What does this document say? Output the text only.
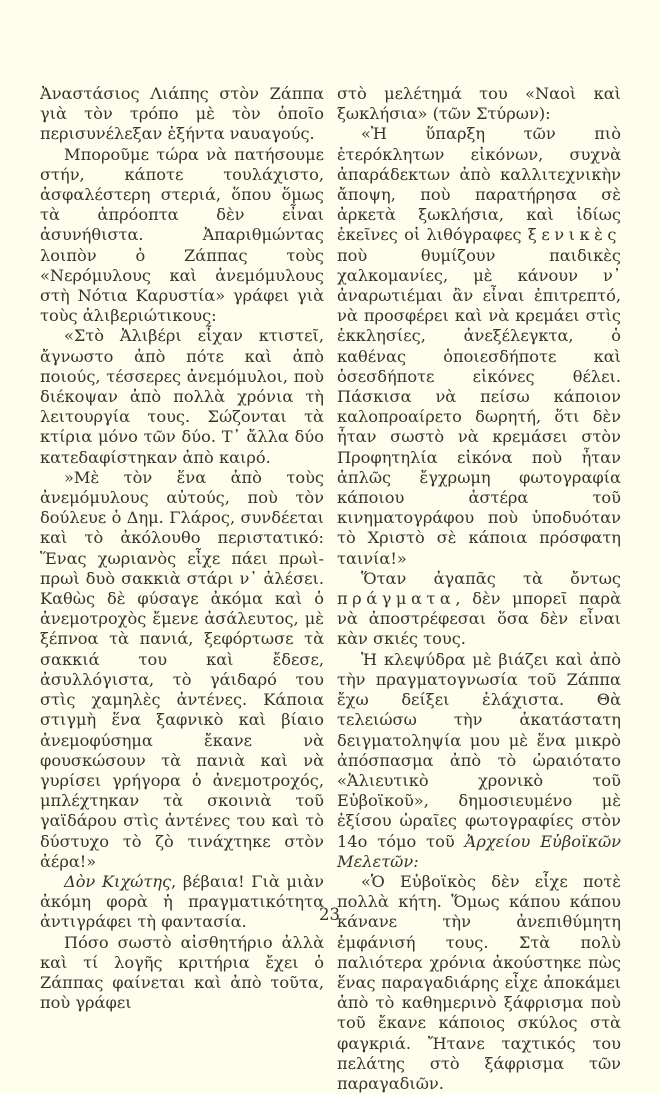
Ἀναστάσιος Λιάπης στὸν Ζάππα γιὰ τὸν τρόπο μὲ τὸν ὁποῖο περισυνέλεξαν ἑξήντα ναυαγούς.

Μποροῦμε τώρα νὰ πατήσουμε στήν, κάποτε τουλάχιστο, ἀσφαλέστερη στεριά, ὅπου ὅμως τὰ ἀπρόοπτα δὲν εἶναι ἀσυνήθιστα. Ἀπαριθμώντας λοιπὸν ὁ Ζάππας τοὺς «Νερόμυλους καὶ ἀνεμόμυλους στὴ Νότια Καρυστία» γράφει γιὰ τοὺς ἀλιβεριώτικους:

«Στὸ Ἀλιβέρι εἶχαν κτιστεῖ, ἄγνωστο ἀπὸ πότε καὶ ἀπὸ ποιούς, τέσσερες ἀνεμόμυλοι, ποὺ διέκοψαν ἀπὸ πολλὰ χρόνια τὴ λειτουργία τους. Σώζονται τὰ κτίρια μόνο τῶν δύο. Τ᾽ ἄλλα δύο κατεδαφίστηκαν ἀπὸ καιρό.

»Μὲ τὸν ἕνα ἀπὸ τοὺς ἀνεμόμυλους αὐτούς, ποὺ τὸν δούλευε ὁ Δημ. Γλάρος, συνδέεται καὶ τὸ ἀκόλουθο περιστατικό: Ἕνας χωριανὸς εἶχε πάει πρωὶ-πρωὶ δυὸ σακκιὰ στάρι ν᾽ ἀλέσει. Καθὼς δὲ φύσαγε ἀκόμα καὶ ὁ ἀνεμοτροχὸς ἔμενε ἀσάλευτος, μὲ ξέπνοα τὰ πανιά, ξεφόρτωσε τὰ σακκιά του καὶ ἔδεσε, ἀσυλλόγιστα, τὸ γάιδαρό του στὶς χαμηλὲς ἀντένες. Κάποια στιγμὴ ἕνα ξαφνικὸ καὶ βίαιο ἀνεμοφύσημα ἔκανε νὰ φουσκώσουν τὰ πανιὰ καὶ νὰ γυρίσει γρήγορα ὁ ἀνεμοτροχός, μπλέχτηκαν τὰ σκοινιὰ τοῦ γαϊδάρου στὶς ἀντένες του καὶ τὸ δύστυχο τὸ ζὸ τινάχτηκε στὸν ἀέρα!»

Δὸν Κιχώτης, βέβαια! Γιὰ μιὰν ἀκόμη φορὰ ἡ πραγματικότητα ἀντιγράφει τὴ φαντασία.

Πόσο σωστὸ αἰσθητήριο ἀλλὰ καὶ τί λογῆς κριτήρια ἔχει ὁ Ζάππας φαίνεται καὶ ἀπὸ τοῦτα, ποὺ γράφει

στὸ μελέτημά του «Ναοὶ καὶ ξωκλήσια» (τῶν Στύρων):

«Ἡ ὕπαρξη τῶν πιὸ ἑτερόκλητων εἰκόνων, συχνὰ ἀπαράδεκτων ἀπὸ καλλιτεχνικὴν ἄποψη, ποὺ παρατήρησα σὲ ἀρκετὰ ξωκλήσια, καὶ ἰδίως ἐκεῖνες οἱ λιθόγραφες ξενικὲς ποὺ θυμίζουν παιδικὲς χαλκομανίες, μὲ κάνουν ν᾽ ἀναρωτιέμαι ἂν εἶναι ἐπιτρεπτό, νὰ προσφέρει καὶ νὰ κρεμάει στὶς ἐκκλησίες, ἀνεξέλεγκτα, ὁ καθένας ὁποιεσδήποτε καὶ ὁσεσδήποτε εἰκόνες θέλει. Πάσκισα νὰ πείσω κάποιον καλοπροαίρετο δωρητή, ὅτι δὲν ἦταν σωστὸ νὰ κρεμάσει στὸν Προφητηλία εἰκόνα ποὺ ἦταν ἁπλῶς ἔγχρωμη φωτογραφία κάποιου ἀστέρα τοῦ κινηματογράφου ποὺ ὑποδυόταν τὸ Χριστὸ σὲ κάποια πρόσφατη ταινία!»

Ὅταν ἀγαπᾶς τὰ ὄντως πράγματα, δὲν μπορεῖ παρὰ νὰ ἀποστρέφεσαι ὅσα δὲν εἶναι κὰν σκιές τους.

Ἡ κλεψύδρα μὲ βιάζει καὶ ἀπὸ τὴν πραγματογνωσία τοῦ Ζάππα ἔχω δείξει ἐλάχιστα. Θὰ τελειώσω τὴν ἀκατάστατη δειγματοληψία μου μὲ ἕνα μικρὸ ἀπόσπασμα ἀπὸ τὸ ὡραιότατο «Ἁλιευτικὸ χρονικὸ τοῦ Εὐβοϊκοῦ», δημοσιευμένο μὲ ἐξίσου ὡραῖες φωτογραφίες στὸν 14ο τόμο τοῦ Ἀρχείου Εὐβοϊκῶν Μελετῶν:

«Ὁ Εὐβοϊκὸς δὲν εἶχε ποτὲ πολλὰ κήτη. Ὅμως κάπου κάπου κάνανε τὴν ἀνεπιθύμητη ἐμφάνισή τους. Στὰ πολὺ παλιότερα χρόνια ἀκούστηκε πὼς ἕνας παραγαδιάρης εἶχε ἀποκάμει ἀπὸ τὸ καθημερινὸ ξάφρισμα ποὺ τοῦ ἔκανε κάποιος σκύλος στὰ φαγκριά. Ἤτανε ταχτικός του πελάτης στὸ ξάφρισμα τῶν παραγαδιῶν.

23
